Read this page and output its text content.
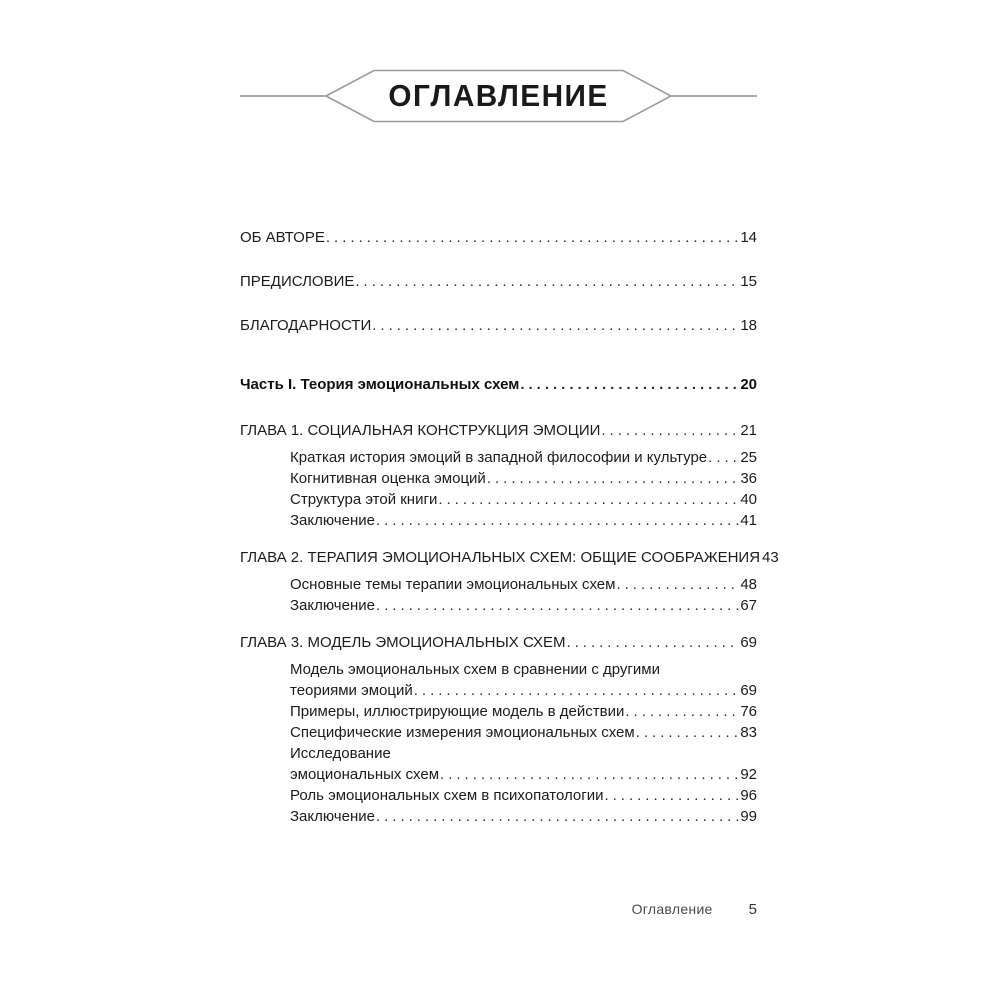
ОГЛАВЛЕНИЕ
ОБ АВТОРЕ .....	14
ПРЕДИСЛОВИЕ .....	15
БЛАГОДАРНОСТИ .....	18
Часть I. Теория эмоциональных схем .....	20
ГЛАВА 1. СОЦИАЛЬНАЯ КОНСТРУКЦИЯ ЭМОЦИИ .....	21
Краткая история эмоций в западной философии и культуре ..... 25
Когнитивная оценка эмоций .....	36
Структура этой книги .....	40
Заключение .....	41
ГЛАВА 2. ТЕРАПИЯ ЭМОЦИОНАЛЬНЫХ СХЕМ: ОБЩИЕ СООБРАЖЕНИЯ 43
Основные темы терапии эмоциональных схем .....	48
Заключение .....	67
ГЛАВА 3. МОДЕЛЬ ЭМОЦИОНАЛЬНЫХ СХЕМ .....	69
Модель эмоциональных схем в сравнении с другими
теориями эмоций .....	69
Примеры, иллюстрирующие модель в действии .....	76
Специфические измерения эмоциональных схем .....	83
Исследование
эмоциональных схем .....	92
Роль эмоциональных схем в психопатологии .....	96
Заключение .....	99
Оглавление 5
